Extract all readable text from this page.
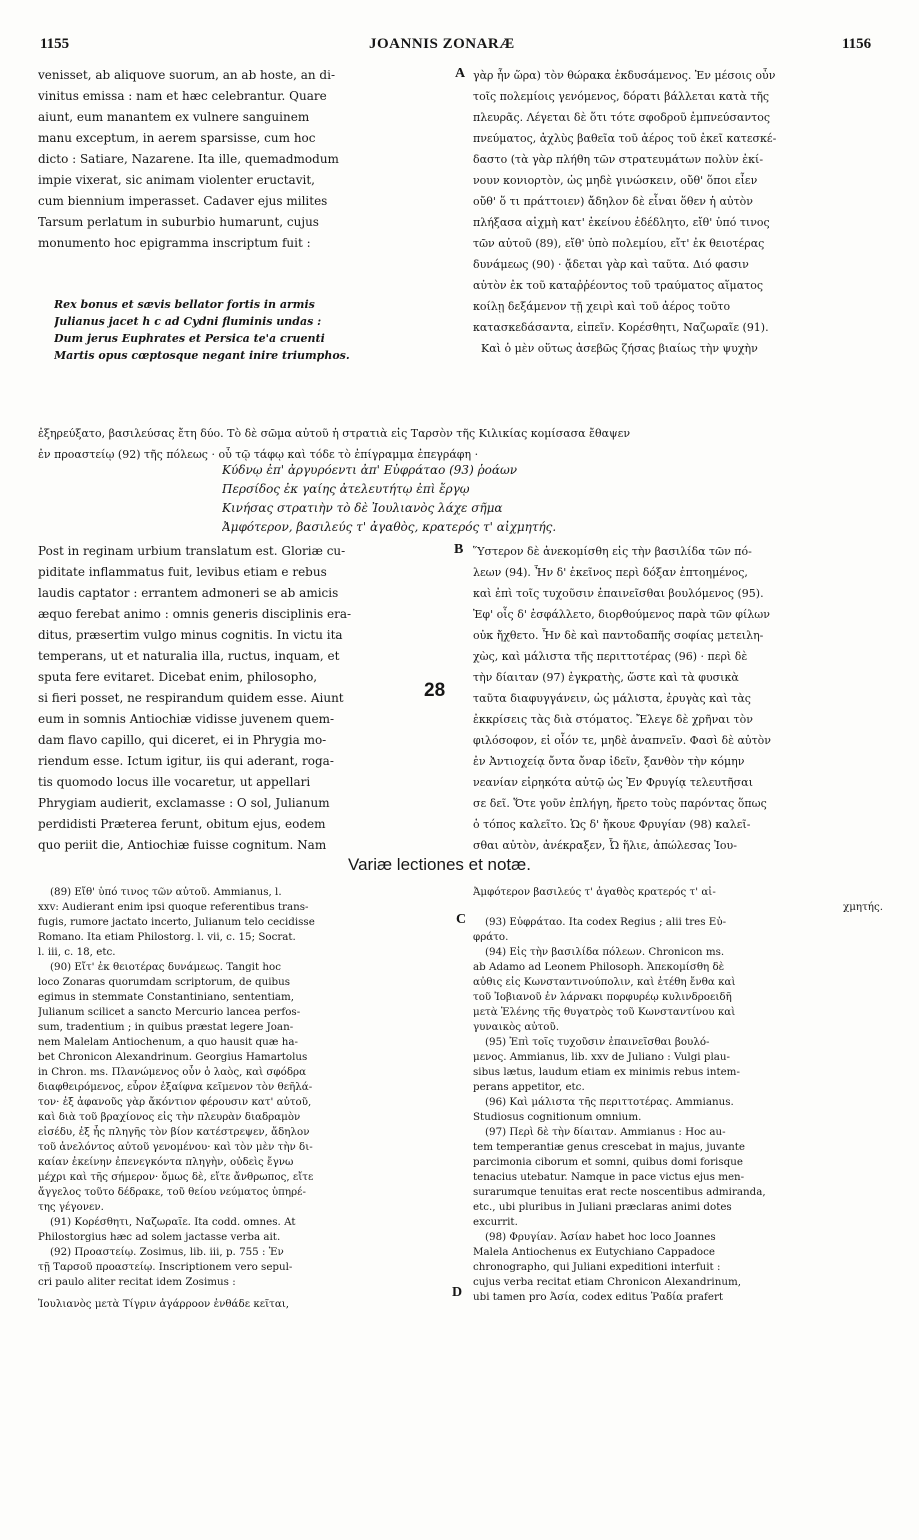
1155	JOANNIS ZONARÆ	1156
A
B
C
D
28
venisset, ab aliquove suorum, an ab hoste, an di-
vinitus emissa : nam et hæc celebrantur. Quare
aiunt, eum manantem ex vulnere sanguinem
manu exceptum, in aerem sparsisse, cum hoc
dicto : Satiare, Nazarene. Ita ille, quemadmodum
impie vixerat, sic animam violenter eructavit,
cum biennium imperasset. Cadaver ejus milites
Tarsum perlatum in suburbio humarunt, cujus
monumento hoc epigramma inscriptum fuit :
Rex bonus et sævis bellator fortis in armis
Julianus jacet h c ad Cydni fluminis undas :
Dum jerus Euphrates et Persica te'a cruenti
Martis opus cœptosque negant inire triumphos.
γὰρ ἦν ὥρα) τὸν θώρακα ἐκδυσάμενος. Ἐν μέσοις οὖν
τοῖς πολεμίοις γενόμενος, δόρατι βάλλεται κατὰ τῆς
πλευρᾶς. Λέγεται δὲ ὅτι τότε σφοδροῦ ἐμπνεύσαντος
πνεύματος, ἀχλὺς βαθεῖα τοῦ ἀέρος τοῦ ἐκεῖ κατεσκέ-
δαστο (τὰ γὰρ πλήθη τῶν στρατευμάτων πολὺν ἐκί-
νουν κονιορτὸν, ὡς μηδὲ γινώσκειν, οὔθ' ὅποι εἶεν
οὔθ' ὅ τι πράττοιεν) ἄδηλον δὲ εἶναι ὅθεν ἡ αὐτὸν
πλήξασα αἰχμὴ κατ' ἐκείνου ἐδέδλητο, εἴθ' ὑπό τινος
τῶν αὐτοῦ (89), εἴθ' ὑπὸ πολεμίου, εἴτ' ἐκ θειοτέρας
δυνάμεως (90) · ᾄδεται γὰρ καὶ ταῦτα. Διό φασιν
αὐτὸν ἐκ τοῦ καταῤῥέοντος τοῦ τραύματος αἵματος
κοίλῃ δεξάμενον τῇ χειρὶ καὶ τοῦ ἀέρος τοῦτο
κατασκεδάσαντα, εἰπεῖν. Κορέσθητι, Ναζωραῖε (91).
Καὶ ὁ μὲν οὕτως ἀσεβῶς ζήσας βιαίως τὴν ψυχὴν
ἐξηρεύξατο, βασιλεύσας ἔτη δύο. Τὸ δὲ σῶμα αὐτοῦ ἡ στρατιὰ εἰς Ταρσὸν τῆς Κιλικίας κομίσασα ἔθαψεν
ἐν προαστείῳ (92) τῆς πόλεως · οὗ τῷ τάφῳ καὶ τόδε τὸ ἐπίγραμμα ἐπεγράφη ·
Κύδνῳ ἐπ' ἀργυρόεντι ἀπ' Εὐφράταο (93) ῥοάων
Περσίδος ἐκ γαίης ἀτελευτήτῳ ἐπὶ ἔργῳ
Κινήσας στρατιὴν τὸ δὲ Ἰουλιανὸς λάχε σῆμα
Ἀμφότερον, βασιλεύς τ' ἀγαθὸς, κρατερός τ' αἰχμητής.
Post in reginam urbium translatum est. Gloriæ cu-
piditate inflammatus fuit, levibus etiam e rebus
laudis captator : errantem admoneri se ab amicis
æquo ferebat animo : omnis generis disciplinis era-
ditus, præsertim vulgo minus cognitis. In victu ita
temperans, ut et naturalia illa, ructus, inquam, et
sputa fere evitaret. Dicebat enim, philosopho,
si fieri posset, ne respirandum quidem esse. Aiunt
eum in somnis Antiochiæ vidisse juvenem quem-
dam flavo capillo, qui diceret, ei in Phrygia mo-
riendum esse. Ictum igitur, iis qui aderant, roga-
tis quomodo locus ille vocaretur, ut appellari
Phrygiam audierit, exclamasse : O sol, Julianum
perdidisti Præterea ferunt, obitum ejus, eodem
quo periit die, Antiochiæ fuisse cognitum. Nam
Ὕστερον δὲ ἀνεκομίσθη εἰς τὴν βασιλίδα τῶν πό-
λεων (94). Ἦν δ' ἐκεῖνος περὶ δόξαν ἐπτοημένος,
καὶ ἐπὶ τοῖς τυχοῦσιν ἐπαινεῖσθαι βουλόμενος (95).
Ἐφ' οἷς δ' ἐσφάλλετο, διορθούμενος παρὰ τῶν φίλων
οὐκ ἤχθετο. Ἦν δὲ καὶ παντοδαπῆς σοφίας μετειλη-
χὼς, καὶ μάλιστα τῆς περιττοτέρας (96) · περὶ δὲ
τὴν δίαιταν (97) ἐγκρατὴς, ὥστε καὶ τὰ φυσικὰ
ταῦτα διαφυγγάνειν, ὡς μάλιστα, ἐρυγὰς καὶ τὰς
ἐκκρίσεις τὰς διὰ στόματος. Ἔλεγε δὲ χρῆναι τὸν
φιλόσοφον, εἰ οἷόν τε, μηδὲ ἀναπνεῖν. Φασὶ δὲ αὐτὸν
ἐν Ἀντιοχείᾳ ὄντα ὄναρ ἰδεῖν, ξανθὸν τὴν κόμην
νεανίαν εἰρηκότα αὐτῷ ὡς Ἐν Φρυγίᾳ τελευτῆσαι
σε δεῖ. Ὅτε γοῦν ἐπλήγη, ἤρετο τοὺς παρόντας ὅπως
ὁ τόπος καλεῖτο. Ὡς δ' ἤκουε Φρυγίαν (98) καλεῖ-
σθαι αὐτὸν, ἀνέκραξεν, Ὦ ἥλιε, ἀπώλεσας Ἰου-
Variæ lectiones et notæ.
(89) Εἴθ' ὑπό τινος τῶν αὐτοῦ. Ammianus, l.
xxv: Audierant enim ipsi quoque referentibus trans-
fugis, rumore jactato incerto, Julianum telo cecidisse
Romano. Ita etiam Philostorg. l. vii, c. 15; Socrat.
l. iii, c. 18, etc.
(90) Εἴτ' ἐκ θειοτέρας δυνάμεως. Tangit hoc
loco Zonaras quorumdam scriptorum, de quibus
egimus in stemmate Constantiniano, sententiam,
Julianum scilicet a sancto Mercurio lancea perfos-
sum, tradentium ; in quibus præstat legere Joan-
nem Malelam Antiochenum, a quo hausit quæ ha-
bet Chronicon Alexandrinum. Georgius Hamartolus
in Chron. ms. Πλανώμενος οὖν ὁ λαὸς, καὶ σφόδρα
διαφθειρόμενος, εὗρον ἐξαίφνα κεῖμενον τὸν θεῆλά-
τον· ἐξ ἀφανοῦς γὰρ ἄκόντιον φέρουσιν κατ' αὐτοῦ,
καὶ διὰ τοῦ βραχίονος εἰς τὴν πλευρὰν διαδραμὸν
εἰσέδυ, ἐξ ἧς πληγῆς τὸν βίον κατέστρεψεν, ἄδηλον
τοῦ ἀνελόντος αὐτοῦ γενομένου· καὶ τὸν μὲν τὴν δι-
καίαν ἐκείνην ἐπενεγκόντα πληγὴν, οὐδεὶς ἔγνω
μέχρι καὶ τῆς σήμερον· ὅμως δὲ, εἴτε ἄνθρωπος, εἴτε
ἄγγελος τοῦτο δέδρακε, τοῦ θείου νεύματος ὑπηρέ-
της γέγονεν.
(91) Κορέσθητι, Ναζωραῖε. Ita codd. omnes. At
Philostorgius hæc ad solem jactasse verba ait.
(92) Προαστείῳ. Zosimus, lib. iii, p. 755 : Ἐν
τῇ Ταρσοῦ προαστείῳ. Inscriptionem vero sepul-
cri paulo aliter recitat idem Zosimus :
Ἰουλιανὸς μετὰ Τίγριν ἀγάρροον ἐνθάδε κεῖται,
Ἀμφότερον βασιλεύς τ' ἀγαθὸς κρατερός τ' αἰ-
χμητής.
(93) Εὐφράταο. Ita codex Regius ; alii tres Εὐ-
φράτο.
(94) Εἰς τὴν βασιλίδα πόλεων. Chronicon ms.
ab Adamo ad Leonem Philosoph. Ἀπεκομίσθη δὲ
αὐθις εἰς Κωνσταντινούπολιν, καὶ ἐτέθη ἔνθα καὶ
τοῦ Ἰοβιανοῦ ἐν λάρνακι πορφυρέῳ κυλινδροειδῆ
μετὰ Ἑλένης τῆς θυγατρὸς τοῦ Κωνσταντίνου καὶ
γυναικὸς αὐτοῦ.
(95) Ἐπὶ τοῖς τυχοῦσιν ἐπαινεῖσθαι βουλό-
μενος. Ammianus, lib. xxv de Juliano : Vulgi plau-
sibus lætus, laudum etiam ex minimis rebus intem-
perans appetitor, etc.
(96) Καὶ μάλιστα τῆς περιττοτέρας. Ammianus.
Studiosus cognitionum omnium.
(97) Περὶ δὲ τὴν δίαιταν. Ammianus : Hoc au-
tem temperantiæ genus crescebat in majus, juvante
parcimonia ciborum et somni, quibus domi forisque
tenacius utebatur. Namque in pace victus ejus men-
surarumque tenuitas erat recte noscentibus admiranda,
etc., ubi pluribus in Juliani præclaras animi dotes
excurrit.
(98) Φρυγίαν. Ἀσίαν habet hoc loco Joannes
Malela Antiochenus ex Eutychiano Cappadoce
chronographo, qui Juliani expeditioni interfuit :
cujus verba recitat etiam Chronicon Alexandrinum,
ubi tamen pro Ἀσία, codex editus Ῥαδία prafert
